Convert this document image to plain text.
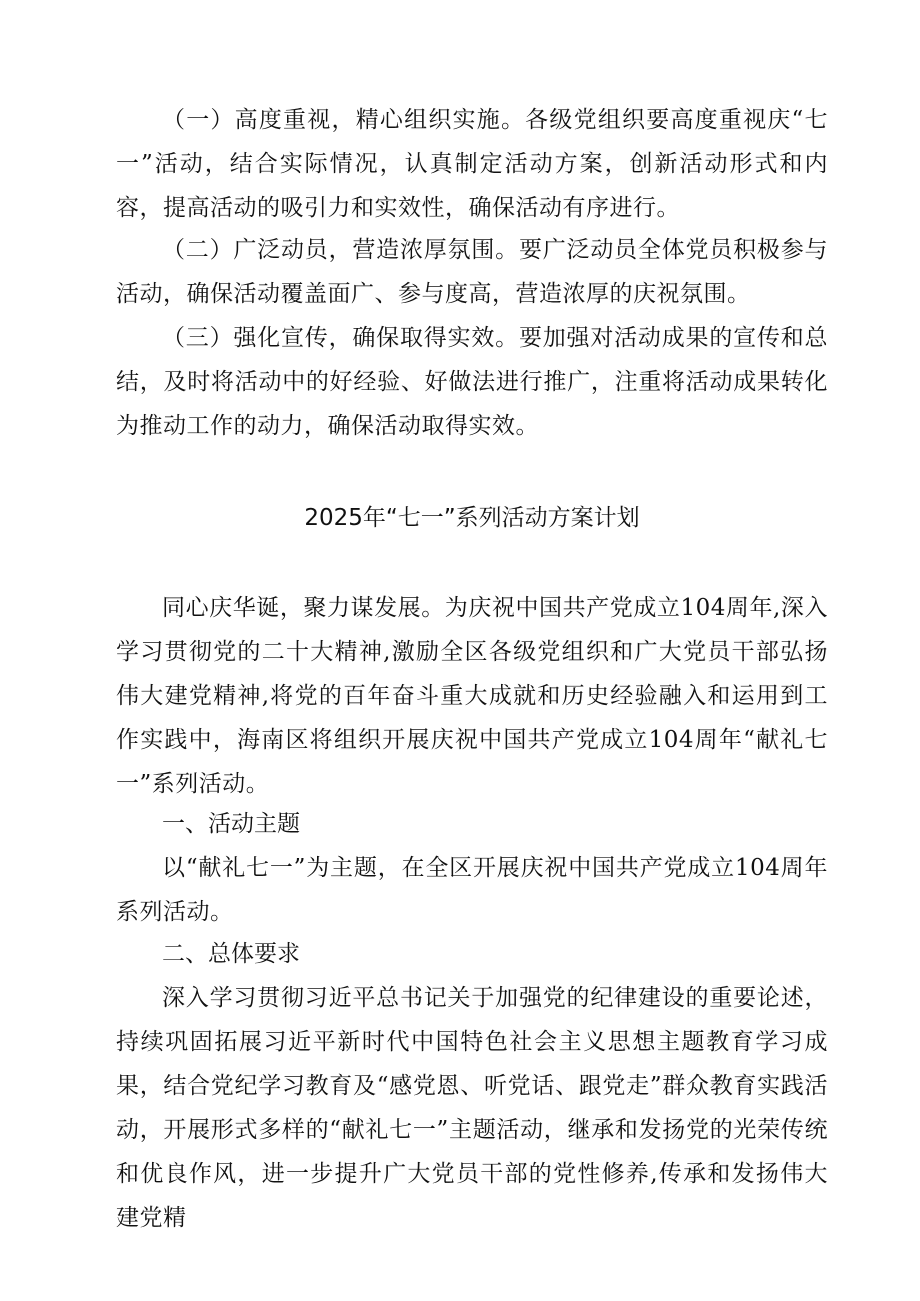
（一）高度重视，精心组织实施。各级党组织要高度重视庆“七一”活动，结合实际情况，认真制定活动方案，创新活动形式和内容，提高活动的吸引力和实效性，确保活动有序进行。

（二）广泛动员，营造浓厚氛围。要广泛动员全体党员积极参与活动，确保活动覆盖面广、参与度高，营造浓厚的庆祝氛围。

（三）强化宣传，确保取得实效。要加强对活动成果的宣传和总结，及时将活动中的好经验、好做法进行推广，注重将活动成果转化为推动工作的动力，确保活动取得实效。

2025年“七一”系列活动方案计划

同心庆华诞，聚力谋发展。为庆祝中国共产党成立104周年,深入学习贯彻党的二十大精神,激励全区各级党组织和广大党员干部弘扬伟大建党精神,将党的百年奋斗重大成就和历史经验融入和运用到工作实践中，海南区将组织开展庆祝中国共产党成立104周年“献礼七一”系列活动。

一、活动主题

以“献礼七一”为主题，在全区开展庆祝中国共产党成立104周年系列活动。

二、总体要求

深入学习贯彻习近平总书记关于加强党的纪律建设的重要论述，持续巩固拓展习近平新时代中国特色社会主义思想主题教育学习成果，结合党纪学习教育及“感党恩、听党话、跟党走”群众教育实践活动，开展形式多样的“献礼七一”主题活动，继承和发扬党的光荣传统和优良作风，进一步提升广大党员干部的党性修养,传承和发扬伟大建党精
